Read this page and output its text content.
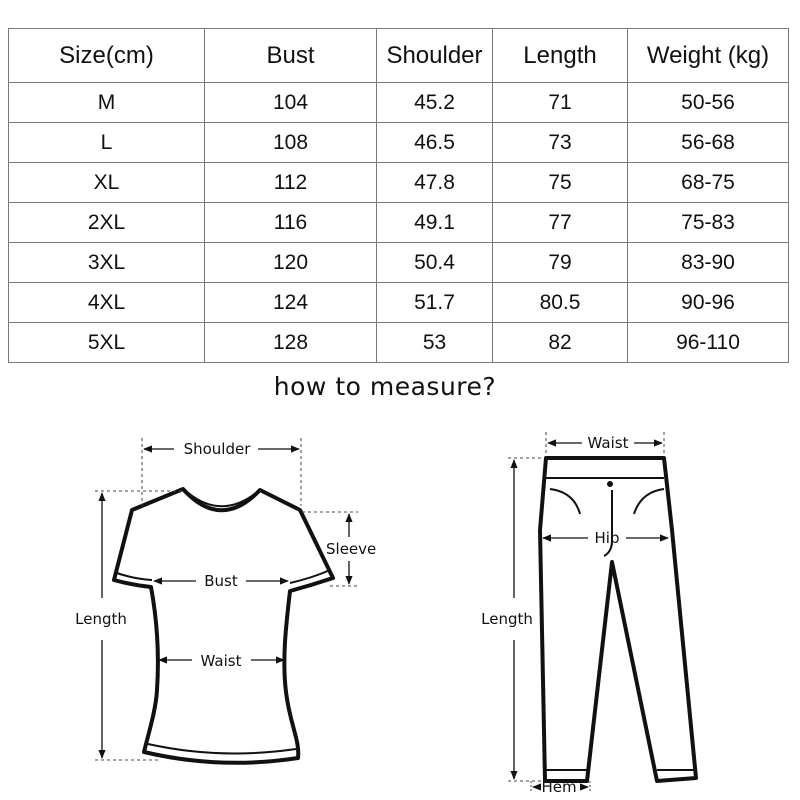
Size(cm)	Bust	Shoulder	Length	Weight (kg)
M	104	45.2	71	50-56
L	108	46.5	73	56-68
XL	112	47.8	75	68-75
2XL	116	49.1	77	75-83
3XL	120	50.4	79	83-90
4XL	124	51.7	80.5	90-96
5XL	128	53	82	96-110
how to measure?
Shoulder
Sleeve
Bust
Waist
Length
Waist
Hip
Length
Hem
